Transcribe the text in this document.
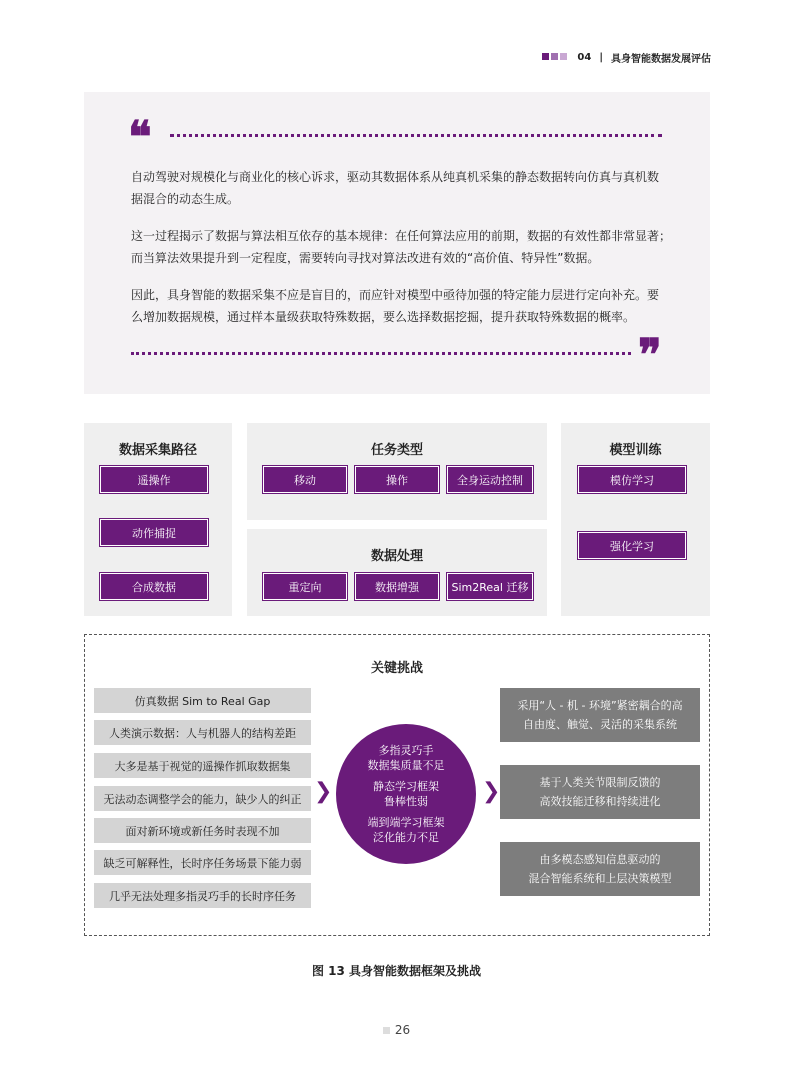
04 | 具身智能数据发展评估
❝

自动驾驶对规模化与商业化的核心诉求，驱动其数据体系从纯真机采集的静态数据转向仿真与真机数
据混合的动态生成。

这一过程揭示了数据与算法相互依存的基本规律：在任何算法应用的前期，数据的有效性都非常显著；
而当算法效果提升到一定程度，需要转向寻找对算法改进有效的“高价值、特异性”数据。

因此，具身智能的数据采集不应是盲目的，而应针对模型中亟待加强的特定能力层进行定向补充。要
么增加数据规模，通过样本量级获取特殊数据，要么选择数据挖掘，提升获取特殊数据的概率。

❞
数据采集路径
遥操作
动作捕捉
合成数据
任务类型
移动	操作	全身运动控制
数据处理
重定向	数据增强	Sim2Real 迁移
模型训练
模仿学习
强化学习
关键挑战
仿真数据 Sim to Real Gap
人类演示数据：人与机器人的结构差距
大多是基于视觉的遥操作抓取数据集
无法动态调整学会的能力，缺少人的纠正
面对新环境或新任务时表现不加
缺乏可解释性，长时序任务场景下能力弱
几乎无法处理多指灵巧手的长时序任务
❯
多指灵巧手
数据集质量不足
静态学习框架
鲁棒性弱
端到端学习框架
泛化能力不足
❯
采用“人 - 机 - 环境”紧密耦合的高
自由度、触觉、灵活的采集系统
基于人类关节限制反馈的
高效技能迁移和持续进化
由多模态感知信息驱动的
混合智能系统和上层决策模型
图 13 具身智能数据框架及挑战
26
